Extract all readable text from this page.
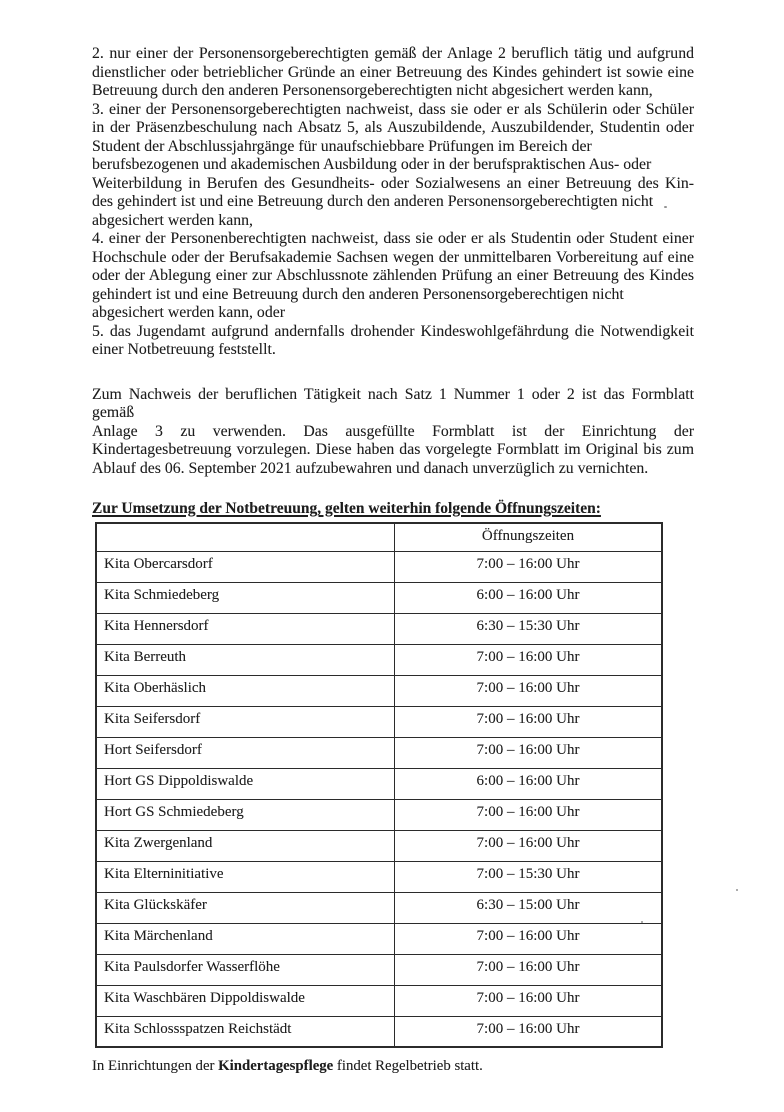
2. nur einer der Personensorgeberechtigten gemäß der Anlage 2 beruflich tätig und aufgrund
dienstlicher oder betrieblicher Gründe an einer Betreuung des Kindes gehindert ist sowie eine
Betreuung durch den anderen Personensorgeberechtigten nicht abgesichert werden kann,
3. einer der Personensorgeberechtigten nachweist, dass sie oder er als Schülerin oder Schüler
in der Präsenzbeschulung nach Absatz 5, als Auszubildende, Auszubildender, Studentin oder
Student der Abschlussjahrgänge für unaufschiebbare Prüfungen im Bereich der
berufsbezogenen und akademischen Ausbildung oder in der berufspraktischen Aus- oder
Weiterbildung in Berufen des Gesundheits- oder Sozialwesens an einer Betreuung des Kin-
des gehindert ist und eine Betreuung durch den anderen Personensorgeberechtigten nicht
abgesichert werden kann,
4. einer der Personenberechtigten nachweist, dass sie oder er als Studentin oder Student einer
Hochschule oder der Berufsakademie Sachsen wegen der unmittelbaren Vorbereitung auf eine
oder der Ablegung einer zur Abschlussnote zählenden Prüfung an einer Betreuung des Kindes
gehindert ist und eine Betreuung durch den anderen Personensorgeberechtigen nicht
abgesichert werden kann, oder
5. das Jugendamt aufgrund andernfalls drohender Kindeswohlgefährdung die Notwendigkeit
einer Notbetreuung feststellt.
Zum Nachweis der beruflichen Tätigkeit nach Satz 1 Nummer 1 oder 2 ist das Formblatt gemäß
Anlage 3 zu verwenden. Das ausgefüllte Formblatt ist der Einrichtung der
Kindertagesbetreuung vorzulegen. Diese haben das vorgelegte Formblatt im Original bis zum
Ablauf des 06. September 2021 aufzubewahren und danach unverzüglich zu vernichten.
Zur Umsetzung der Notbetreuung, gelten weiterhin folgende Öffnungszeiten:
	Öffnungszeiten
Kita Obercarsdorf	7:00 – 16:00 Uhr
Kita Schmiedeberg	6:00 – 16:00 Uhr
Kita Hennersdorf	6:30 – 15:30 Uhr
Kita Berreuth	7:00 – 16:00 Uhr
Kita Oberhäslich	7:00 – 16:00 Uhr
Kita Seifersdorf	7:00 – 16:00 Uhr
Hort Seifersdorf	7:00 – 16:00 Uhr
Hort GS Dippoldiswalde	6:00 – 16:00 Uhr
Hort GS Schmiedeberg	7:00 – 16:00 Uhr
Kita Zwergenland	7:00 – 16:00 Uhr
Kita Elterninitiative	7:00 – 15:30 Uhr
Kita Glückskäfer	6:30 – 15:00 Uhr
Kita Märchenland	7:00 – 16:00 Uhr
Kita Paulsdorfer Wasserflöhe	7:00 – 16:00 Uhr
Kita Waschbären Dippoldiswalde	7:00 – 16:00 Uhr
Kita Schlossspatzen Reichstädt	7:00 – 16:00 Uhr
In Einrichtungen der Kindertagespflege findet Regelbetrieb statt.
